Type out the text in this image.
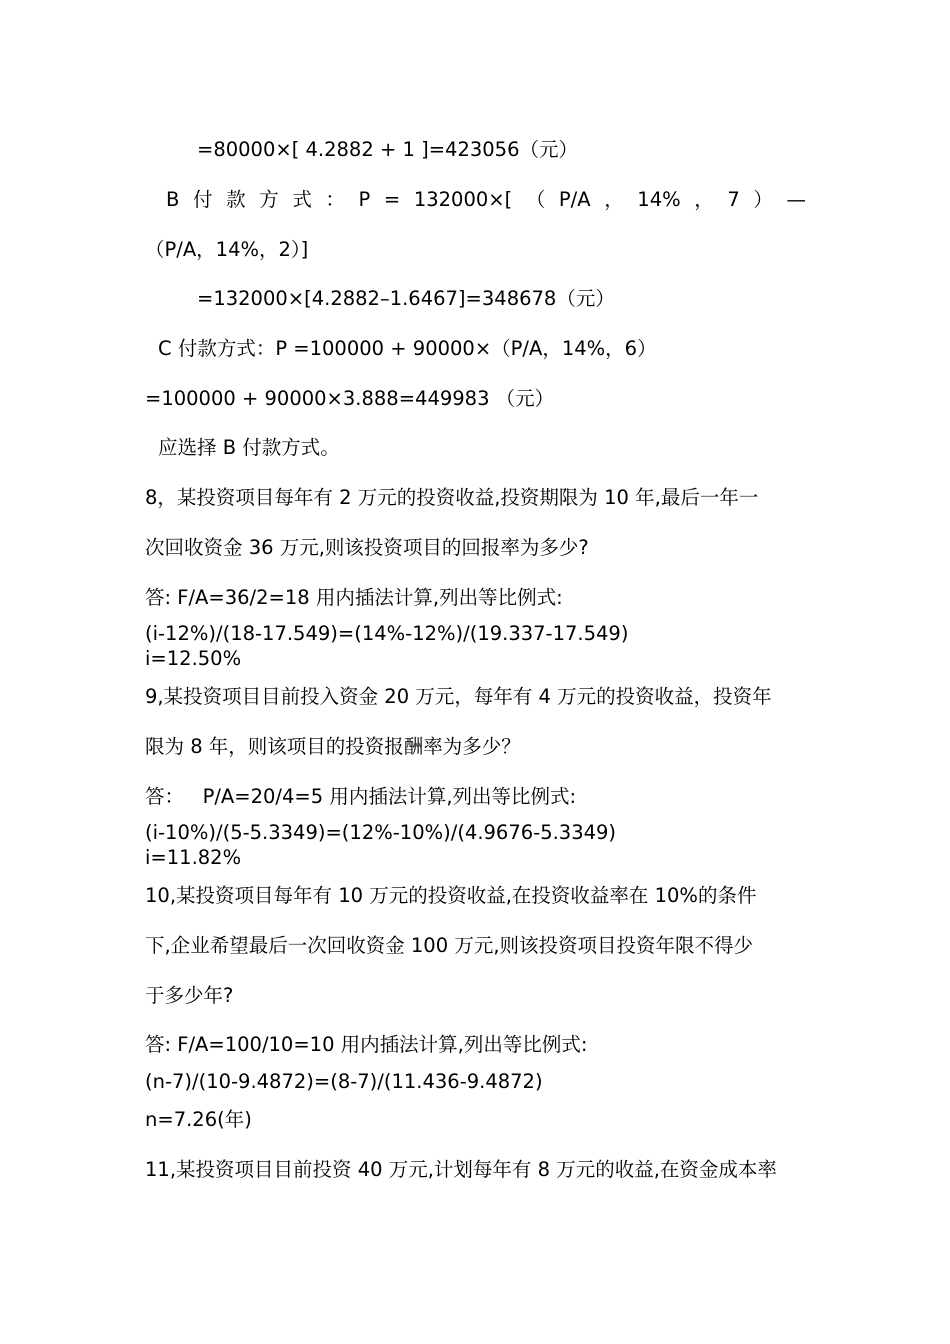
=80000×[ 4.2882 + 1 ]=423056（元）
B 付 款 方 式 ： P = 132000×[ （ P/A ， 14% ， 7 ） —
（P/A，14%，2）]
=132000×[4.2882–1.6467]=348678（元）
C 付款方式：P =100000 + 90000×（P/A，14%，6）
=100000 + 90000×3.888=449983 （元）
应选择 B 付款方式。
8，某投资项目每年有 2 万元的投资收益,投资期限为 10 年,最后一年一
次回收资金 36 万元,则该投资项目的回报率为多少?
答: F/A=36/2=18 用内插法计算,列出等比例式:
(i-12%)/(18-17.549)=(14%-12%)/(19.337-17.549)
i=12.50%
9,某投资项目目前投入资金 20 万元，每年有 4 万元的投资收益，投资年
限为 8 年，则该项目的投资报酬率为多少？
答：   P/A=20/4=5 用内插法计算,列出等比例式:
(i-10%)/(5-5.3349)=(12%-10%)/(4.9676-5.3349)
i=11.82%
10,某投资项目每年有 10 万元的投资收益,在投资收益率在 10%的条件
下,企业希望最后一次回收资金 100 万元,则该投资项目投资年限不得少
于多少年?
答: F/A=100/10=10 用内插法计算,列出等比例式:
(n-7)/(10-9.4872)=(8-7)/(11.436-9.4872)
n=7.26(年)
11,某投资项目目前投资 40 万元,计划每年有 8 万元的收益,在资金成本率
